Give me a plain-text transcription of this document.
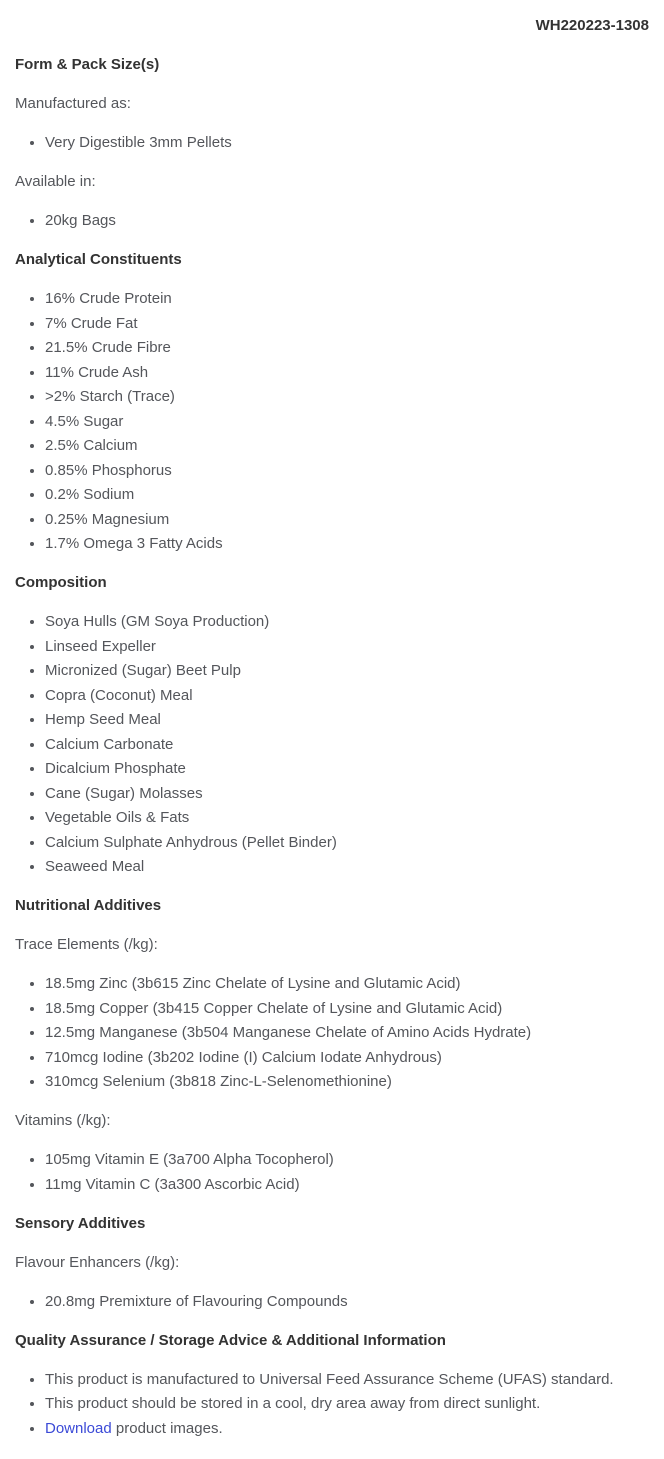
WH220223-1308
Form & Pack Size(s)

Manufactured as:

• Very Digestible 3mm Pellets

Available in:

• 20kg Bags
Analytical Constituents
• 16% Crude Protein
• 7% Crude Fat
• 21.5% Crude Fibre
• 11% Crude Ash
• >2% Starch (Trace)
• 4.5% Sugar
• 2.5% Calcium
• 0.85% Phosphorus
• 0.2% Sodium
• 0.25% Magnesium
• 1.7% Omega 3 Fatty Acids
Composition
• Soya Hulls (GM Soya Production)
• Linseed Expeller
• Micronized (Sugar) Beet Pulp
• Copra (Coconut) Meal
• Hemp Seed Meal
• Calcium Carbonate
• Dicalcium Phosphate
• Cane (Sugar) Molasses
• Vegetable Oils & Fats
• Calcium Sulphate Anhydrous (Pellet Binder)
• Seaweed Meal
Nutritional Additives

Trace Elements (/kg):

• 18.5mg Zinc (3b615 Zinc Chelate of Lysine and Glutamic Acid)
• 18.5mg Copper (3b415 Copper Chelate of Lysine and Glutamic Acid)
• 12.5mg Manganese (3b504 Manganese Chelate of Amino Acids Hydrate)
• 710mcg Iodine (3b202 Iodine (I) Calcium Iodate Anhydrous)
• 310mcg Selenium (3b818 Zinc-L-Selenomethionine)

Vitamins (/kg):

• 105mg Vitamin E (3a700 Alpha Tocopherol)
• 11mg Vitamin C (3a300 Ascorbic Acid)
Sensory Additives

Flavour Enhancers (/kg):

• 20.8mg Premixture of Flavouring Compounds
Quality Assurance / Storage Advice & Additional Information
• This product is manufactured to Universal Feed Assurance Scheme (UFAS) standard.
• This product should be stored in a cool, dry area away from direct sunlight.
• Download product images.
